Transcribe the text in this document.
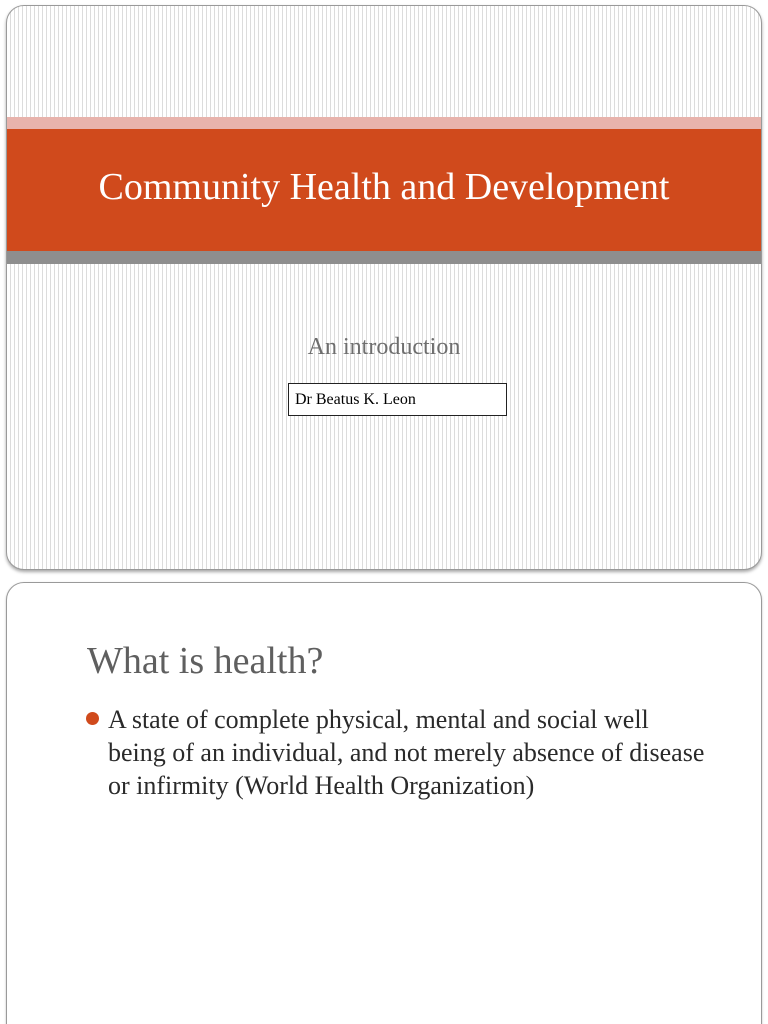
Community Health and Development
An introduction
Dr Beatus K. Leon
What is health?
A state of complete physical, mental and social well being of an individual, and not merely absence of disease or infirmity (World Health Organization)
